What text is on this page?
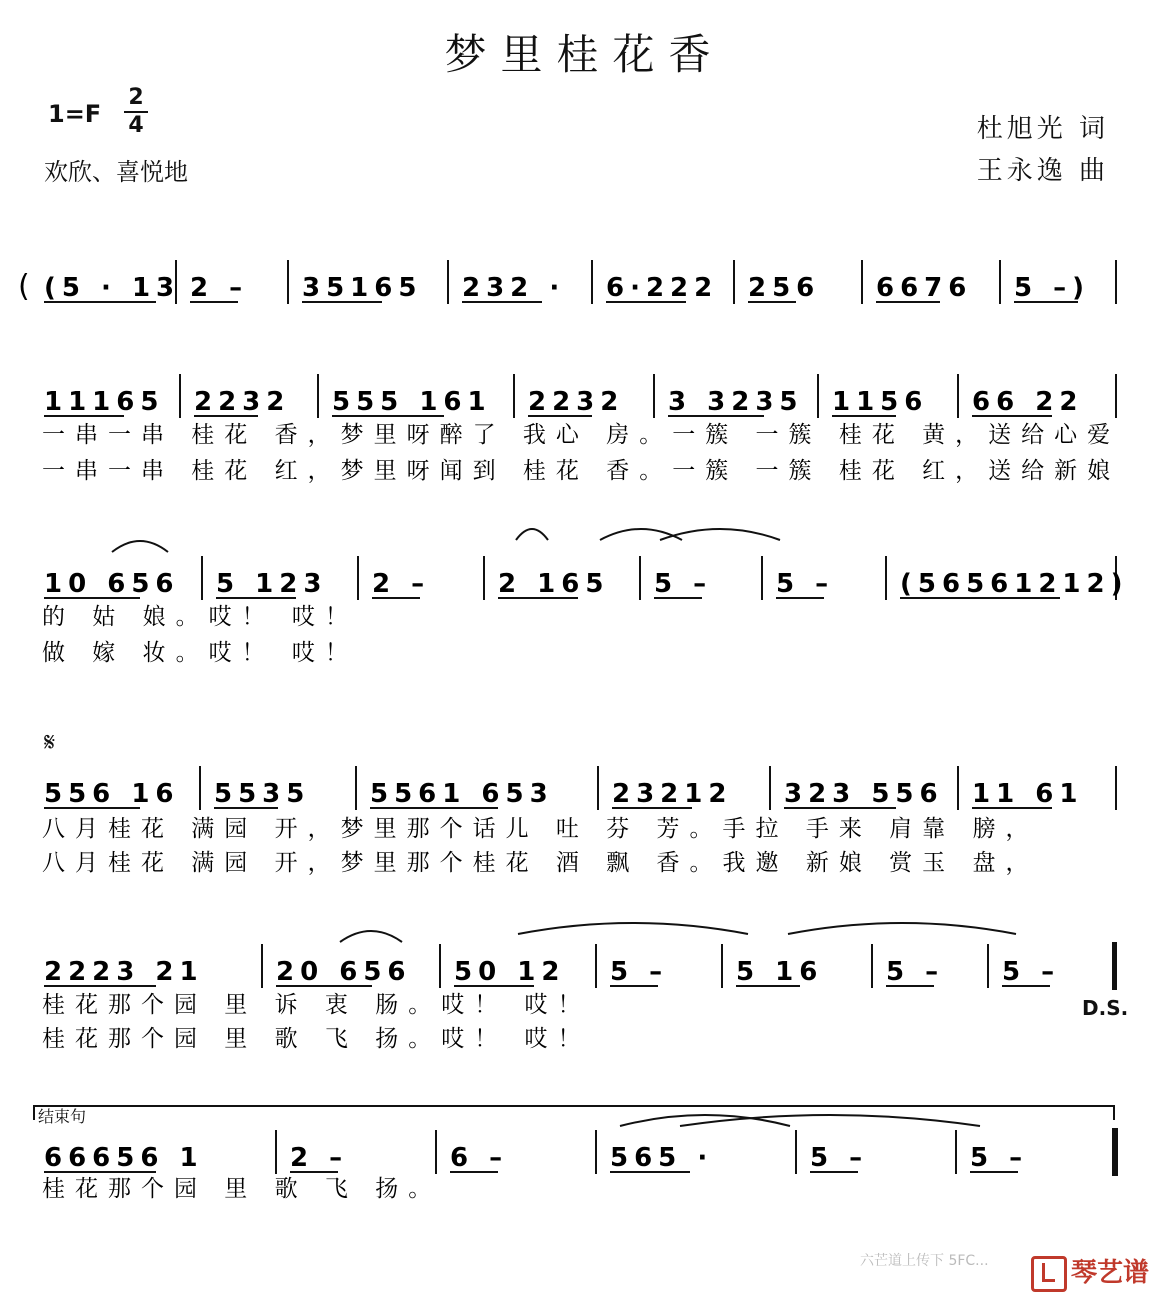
梦里桂花香
1=F
2
4
欢欣、喜悦地
杜旭光 词
王永逸 曲
𝄋
D.S.
结束句
( (5 · 13 2 – 35165 232 · 6·222 256 6676 5 –)
11165 2232 555 161 2232 3 3235 1156 66 22
一串一串 桂花 香，梦里呀醉了 我心 房。一簇 一簇 桂花 黄，送给心爱
一串一串 桂花 红，梦里呀闻到 桂花 香。一簇 一簇 桂花 红，送给新娘
10 656 5 123 2 –	2 165 5 – 5 –	(56561212)
的 姑 娘。哎！ 哎！
做 嫁 妆。哎！ 哎！
556 16 5535 5561 653 23212 323 556 11 61
八月桂花 满园 开，梦里那个话儿 吐 芬 芳。手拉 手来 肩靠 膀，
八月桂花 满园 开，梦里那个桂花 酒 飘 香。我邀 新娘 赏玉 盘，
2223 21	20 656 50 12 5 –	5 16 5 – 5 –
桂花那个园 里 诉 衷 肠。哎！ 哎！
桂花那个园 里 歌 飞 扬。哎！ 哎！
66656 1	2 –	6 –	565 ·	5 –	5 –
桂花那个园 里 歌 飞 扬。
六芒道上传下 5FC...	琴艺谱
